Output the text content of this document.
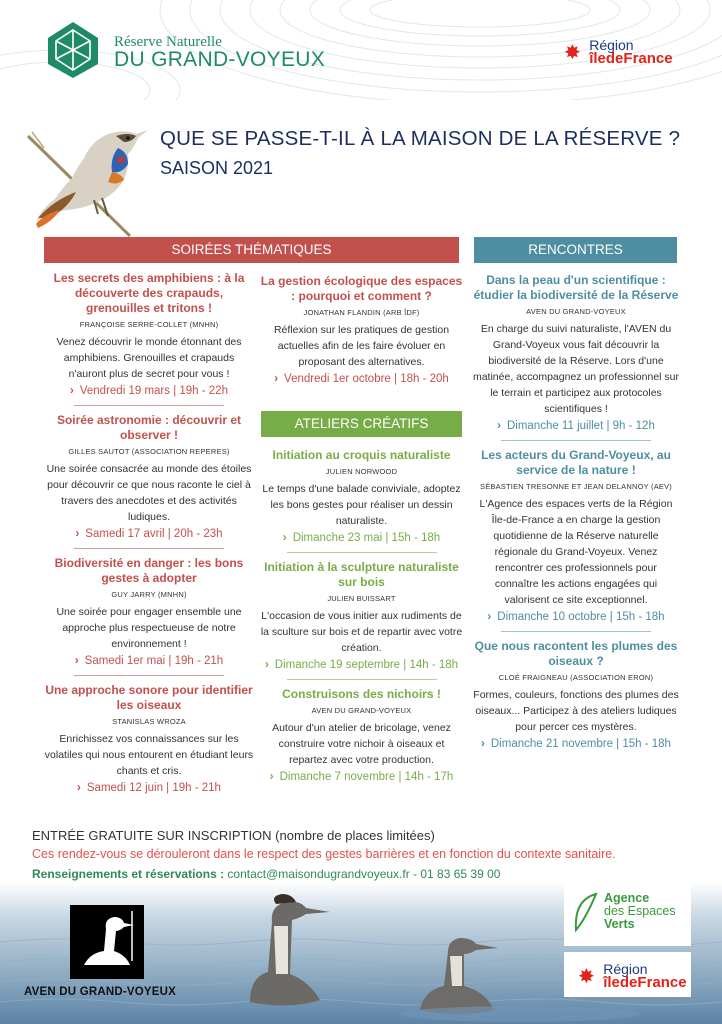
Réserve Naturelle
DU GRAND-VOYEUX	✸ Région
îledeFrance
QUE SE PASSE-T-IL À LA MAISON DE LA RÉSERVE ?
SAISON 2021
SOIRÉES THÉMATIQUES	RENCONTRES
ATELIERS CRÉATIFS
Les secrets des amphibiens : à la découverte des crapauds, grenouilles et tritons !
FRANÇOISE SERRE-COLLET (MNHN)
Venez découvrir le monde étonnant des amphibiens. Grenouilles et crapauds n'auront plus de secret pour vous !
› Vendredi 19 mars | 19h - 22h
Soirée astronomie : découvrir et observer !
GILLES SAUTOT (ASSOCIATION REPERES)
Une soirée consacrée au monde des étoiles pour découvrir ce que nous raconte le ciel à travers des anecdotes et des activités ludiques.
› Samedi 17 avril | 20h - 23h
Biodiversité en danger : les bons gestes à adopter
GUY JARRY (MNHN)
Une soirée pour engager ensemble une approche plus respectueuse de notre environnement !
› Samedi 1er mai | 19h - 21h
Une approche sonore pour identifier les oiseaux
STANISLAS WROZA
Enrichissez vos connaissances sur les volatiles qui nous entourent en étudiant leurs chants et cris.
› Samedi 12 juin | 19h - 21h
La gestion écologique des espaces : pourquoi et comment ?
JONATHAN FLANDIN (ARB ÎDF)
Réflexion sur les pratiques de gestion actuelles afin de les faire évoluer en proposant des alternatives.
› Vendredi 1er octobre | 18h - 20h
Initiation au croquis naturaliste
JULIEN NORWOOD
Le temps d'une balade conviviale, adoptez les bons gestes pour réaliser un dessin naturaliste.
› Dimanche 23 mai | 15h - 18h
Initiation à la sculpture naturaliste sur bois
JULIEN BUISSART
L'occasion de vous initier aux rudiments de la sculture sur bois et de repartir avec votre création.
› Dimanche 19 septembre | 14h - 18h
Construisons des nichoirs !
AVEN DU GRAND-VOYEUX
Autour d'un atelier de bricolage, venez construire votre nichoir à oiseaux et repartez avec votre production.
› Dimanche 7 novembre | 14h - 17h
Dans la peau d'un scientifique : étudier la biodiversité de la Réserve
AVEN DU GRAND-VOYEUX
En charge du suivi naturaliste, l'AVEN du Grand-Voyeux vous fait découvrir la biodiversité de la Réserve. Lors d'une matinée, accompagnez un professionnel sur le terrain et participez aux protocoles scientifiques !
› Dimanche 11 juillet | 9h - 12h
Les acteurs du Grand-Voyeux, au service de la nature !
SÉBASTIEN TRESONNE ET JEAN DELANNOY (AEV)
L'Agence des espaces verts de la Région Île-de-France a en charge la gestion quotidienne de la Réserve naturelle régionale du Grand-Voyeux. Venez rencontrer ces professionnels pour connaître les actions engagées qui valorisent ce site exceptionnel.
› Dimanche 10 octobre | 15h - 18h
Que nous racontent les plumes des oiseaux ?
CLOÉ FRAIGNEAU (ASSOCIATION ERON)
Formes, couleurs, fonctions des plumes des oiseaux... Participez à des ateliers ludiques pour percer ces mystères.
› Dimanche 21 novembre | 15h - 18h
ENTRÉE GRATUITE SUR INSCRIPTION (nombre de places limitées)
Ces rendez-vous se dérouleront dans le respect des gestes barrières et en fonction du contexte sanitaire.
Renseignements et réservations : contact@maisondugrandvoyeux.fr - 01 83 65 39 00
AVEN DU GRAND-VOYEUX
Agence
des Espaces
Verts
✸ Région
îledeFrance
